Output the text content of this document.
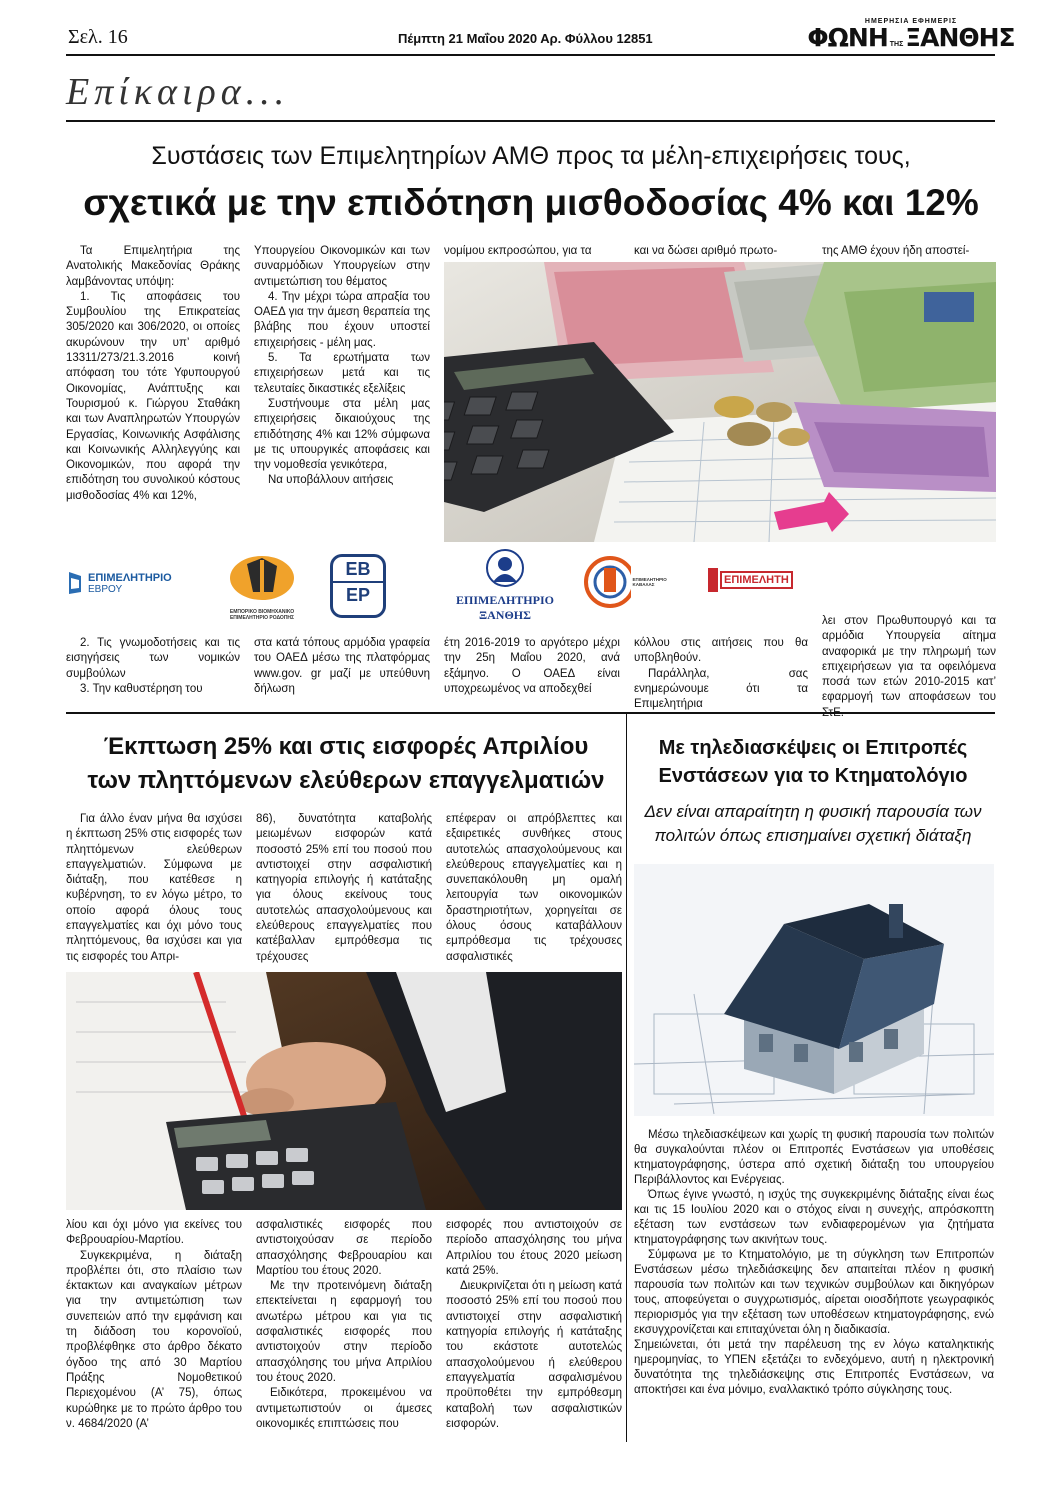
Σελ. 16	Πέμπτη 21 Μαΐου 2020 Αρ. Φύλλου 12851
ΗΜΕΡΗΣΙΑ ΕΦΗΜΕΡΙΣ
ΦΩΝΗ ΤΗΣ ΞΑΝΘΗΣ
Επίκαιρα...
Συστάσεις των Επιμελητηρίων ΑΜΘ προς τα μέλη-επιχειρήσεις τους,
σχετικά με την επιδότηση μισθοδοσίας 4% και 12%

Τα Επιμελητήρια της Ανατολικής Μακεδονίας Θράκης λαμβάνοντας υπόψη:

1. Τις αποφάσεις του Συμβουλίου της Επικρατείας 305/2020 και 306/2020, οι οποίες ακυρώνουν την υπ’ αριθμό 13311/273/21.3.2016 κοινή απόφαση του τότε Υφυπουργού Οικονομίας, Ανάπτυξης και Τουρισμού κ. Γιώργου Σταθάκη και των Αναπληρωτών Υπουργών Εργασίας, Κοινωνικής Ασφάλισης και Κοινωνικής Αλληλεγγύης και Οικονομικών, που αφορά την επιδότηση του συνολικού κόστους μισθοδοσίας 4% και 12%,

Υπουργείου Οικονομικών και των συναρμόδιων Υπουργείων στην αντιμετώπιση του θέματος

4. Την μέχρι τώρα απραξία του ΟΑΕΔ για την άμεση θεραπεία της βλάβης που έχουν υποστεί επιχειρήσεις - μέλη μας.

5. Τα ερωτήματα των επιχειρήσεων μετά και τις τελευταίες δικαστικές εξελίξεις

Συστήνουμε στα μέλη μας επιχειρήσεις δικαιούχους της επιδότησης 4% και 12% σύμφωνα με τις υπουργικές αποφάσεις και την νομοθεσία γενικότερα,

Να υποβάλλουν αιτήσεις

νομίμου εκπροσώπου, για τα	και να δώσει αριθμό πρωτο-	της ΑΜΘ έχουν ήδη αποστεί-
ΕΠΙΜΕΛΗΤΗΡΙΟ
ΕΒΡΟΥ
ΕΜΠΟΡΙΚΟ ΒΙΟΜΗΧΑΝΙΚΟ
ΕΠΙΜΕΛΗΤΗΡΙΟ ΡΟΔΟΠΗΣ
ΕΒ
ΕΡ	ΕΠΙΜΕΛΗΤΗΡΙΟ
ΞΑΝΘΗΣ
ΕΠΙΜΕΛΗΤΗΡΙΟ ΚΑΒΑΛΑΣ	ΕΠΙΜΕΛΗΤΗ
λει στον Πρωθυπουργό και τα αρμόδια Υπουργεία αίτημα αναφορικά με την πληρωμή των επιχειρήσεων για τα οφειλόμενα ποσά των ετών 2010-2015 κατ’ εφαρμογή των αποφάσεων του

2. Τις γνωμοδοτήσεις και τις εισηγήσεις των νομικών συμβούλων

3. Την καθυστέρηση του

στα κατά τόπους αρμόδια γραφεία του ΟΑΕΔ μέσω της πλατφόρμας www.gov. gr μαζί με υπεύθυνη δήλωση
έτη 2016-2019 το αργότερο μέχρι την 25η Μαΐου 2020, ανά εξάμηνο. Ο ΟΑΕΔ είναι υποχρεωμένος να αποδεχθεί

κόλλου στις αιτήσεις που θα υποβληθούν.

Παράλληλα, σας ενημερώνουμε ότι τα Επιμελητήρια

Έκπτωση 25% και στις εισφορές Απριλίου
των πληττόμενων ελεύθερων επαγγελματιών

Για άλλο έναν μήνα θα ισχύσει η έκπτωση 25% στις εισφορές των πληττόμενων ελεύθερων επαγγελματιών. Σύμφωνα με διάταξη, που κατέθεσε η κυβέρνηση, το εν λόγω μέτρο, το οποίο αφορά όλους τους επαγγελματίες και όχι μόνο τους πληττόμενους, θα ισχύσει και για τις εισφορές του Απρι-

86), δυνατότητα καταβολής μειωμένων εισφορών κατά ποσοστό 25% επί του ποσού που αντιστοιχεί στην ασφαλιστική κατηγορία επιλογής ή κατάταξης για όλους εκείνους τους αυτοτελώς απασχολούμενους και ελεύθερους επαγγελματίες που κατέβαλλαν εμπρόθεσμα τις τρέχουσες
επέφεραν οι απρόβλεπτες και εξαιρετικές συνθήκες στους αυτοτελώς απασχολούμενους και ελεύθερους επαγγελματίες και η συνεπακόλουθη μη ομαλή λειτουργία των οικονομικών δραστηριοτήτων, χορηγείται σε όλους όσους καταβάλλουν εμπρόθεσμα τις τρέχουσες ασφαλιστικές

λίου και όχι μόνο για εκείνες του Φεβρουαρίου-Μαρτίου.

Συγκεκριμένα, η διάταξη προβλέπει ότι, στο πλαίσιο των έκτακτων και αναγκαίων μέτρων για την αντιμετώπιση των συνεπειών από την εμφάνιση και τη διάδοση του κορονοϊού, προβλέφθηκε στο άρθρο δέκατο όγδοο της από 30 Μαρτίου Πράξης Νομοθετικού Περιεχομένου (Α’ 75), όπως κυρώθηκε με το πρώτο άρθρο του ν. 4684/2020 (Α’

ασφαλιστικές εισφορές που αντιστοιχούσαν σε περίοδο απασχόλησης Φεβρουαρίου και Μαρτίου του έτους 2020.

Με την προτεινόμενη διάταξη επεκτείνεται η εφαρμογή του ανωτέρω μέτρου και για τις ασφαλιστικές εισφορές που αντιστοιχούν στην περίοδο απασχόλησης του μήνα Απριλίου του έτους 2020.

Ειδικότερα, προκειμένου να αντιμετωπιστούν οι άμεσες οικονομικές επιπτώσεις που

εισφορές που αντιστοιχούν σε περίοδο απασχόλησης του μήνα Απριλίου του έτους 2020 μείωση κατά 25%.

Διευκρινίζεται ότι η μείωση κατά ποσοστό 25% επί του ποσού που αντιστοιχεί στην ασφαλιστική κατηγορία επιλογής ή κατάταξης του εκάστοτε αυτοτελώς απασχολούμενου ή ελεύθερου επαγγελματία ασφαλισμένου προϋποθέτει την εμπρόθεσμη καταβολή των ασφαλιστικών εισφορών.

Με τηλεδιασκέψεις οι Επιτροπές
Ενστάσεων για το Κτηματολόγιο
Δεν είναι απαραίτητη η φυσική παρουσία των
πολιτών όπως επισημαίνει σχετική διάταξη

Μέσω τηλεδιασκέψεων και χωρίς τη φυσική παρουσία των πολιτών θα συγκαλούνται πλέον οι Επιτροπές Ενστάσεων για υποθέσεις κτηματογράφησης, ύστερα από σχετική διάταξη του υπουργείου Περιβάλλοντος και Ενέργειας.

Όπως έγινε γνωστό, η ισχύς της συγκεκριμένης διάταξης είναι έως και τις 15 Ιουλίου 2020 και ο στόχος είναι η συνεχής, απρόσκοπτη εξέταση των ενστάσεων των ενδιαφερομένων για ζητήματα κτηματογράφησης των ακινήτων τους.

Σύμφωνα με το Κτηματολόγιο, με τη σύγκληση των Επιτροπών Ενστάσεων μέσω τηλεδιάσκεψης δεν απαιτείται πλέον η φυσική παρουσία των πολιτών και των τεχνικών συμβούλων και δικηγόρων τους, αποφεύγεται ο συγχρωτισμός, αίρεται οιοσδήποτε γεωγραφικός περιορισμός για την εξέταση των υποθέσεων κτηματογράφησης, ενώ εκσυγχρονίζεται και επιταχύνεται όλη η διαδικασία.

Σημειώνεται, ότι μετά την παρέλευση της εν λόγω καταληκτικής ημερομηνίας, το ΥΠΕΝ εξετάζει το ενδεχόμενο, αυτή η ηλεκτρονική δυνατότητα της τηλεδιάσκεψης στις Επιτροπές Ενστάσεων, να αποκτήσει και ένα μόνιμο, εναλλακτικό τρόπο σύγκλησης τους.
